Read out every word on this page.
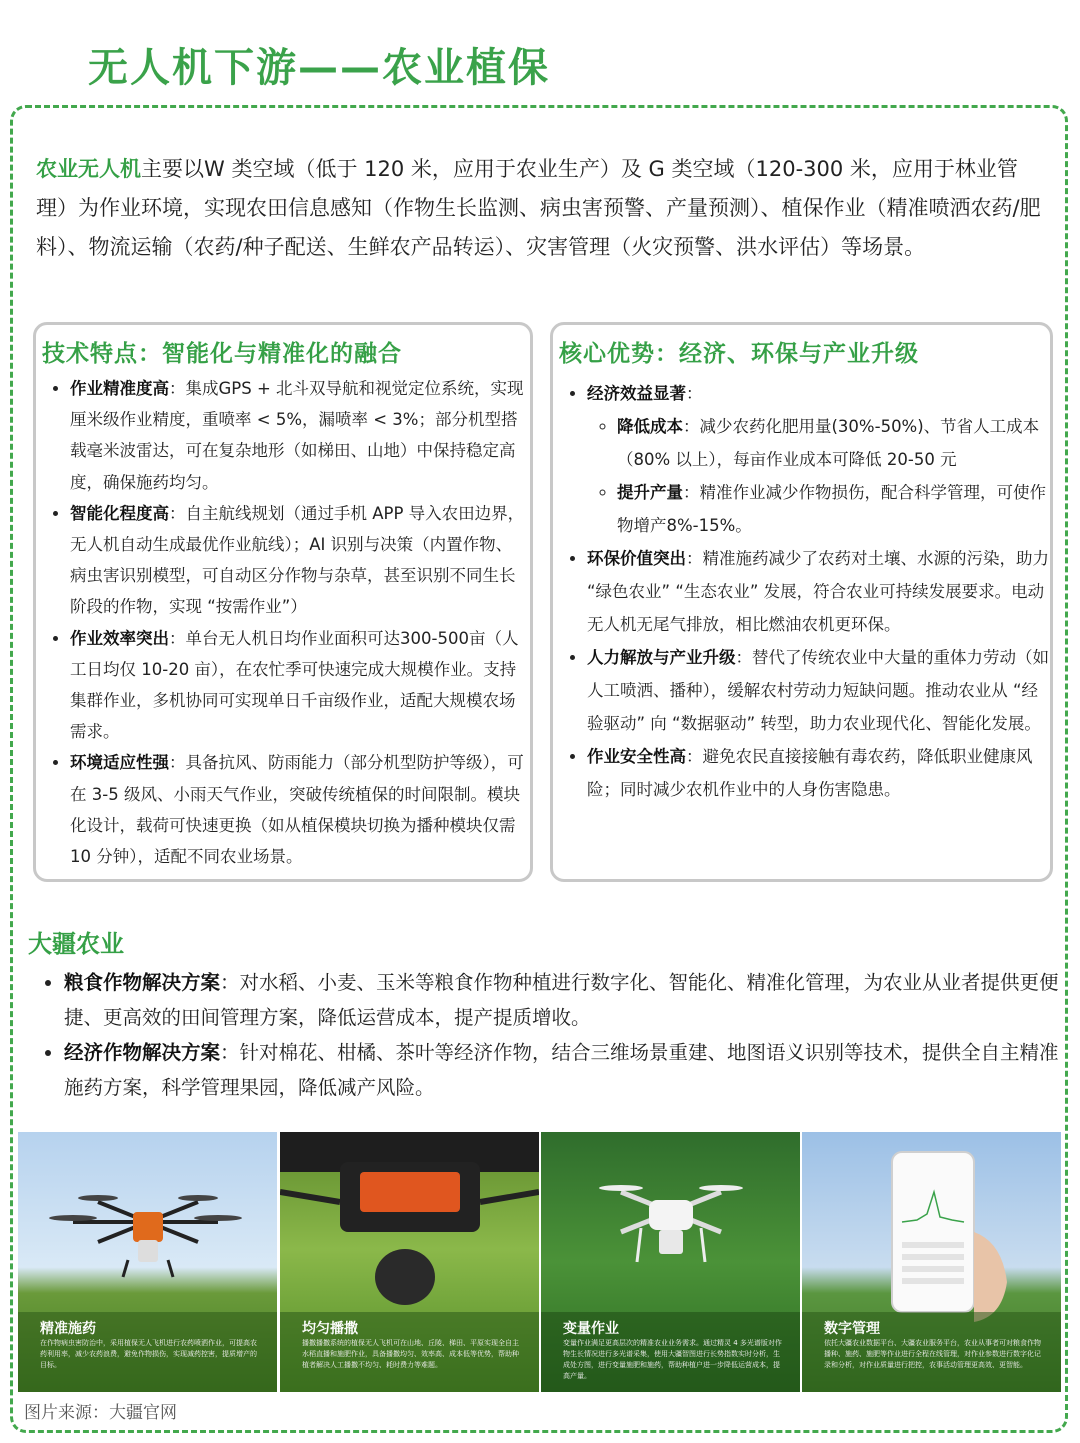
无人机下游——农业植保
农业无人机主要以W 类空域（低于 120 米，应用于农业生产）及 G 类空域（120-300 米，应用于林业管理）为作业环境，实现农田信息感知（作物生长监测、病虫害预警、产量预测）、植保作业（精准喷洒农药/肥料）、物流运输（农药/种子配送、生鲜农产品转运）、灾害管理（火灾预警、洪水评估）等场景。
技术特点：智能化与精准化的融合
• 作业精准度高：集成GPS + 北斗双导航和视觉定位系统，实现厘米级作业精度，重喷率 < 5%，漏喷率 < 3%；部分机型搭载毫米波雷达，可在复杂地形（如梯田、山地）中保持稳定高度，确保施药均匀。
• 智能化程度高：自主航线规划（通过手机 APP 导入农田边界，无人机自动生成最优作业航线）；AI 识别与决策（内置作物、病虫害识别模型，可自动区分作物与杂草，甚至识别不同生长阶段的作物，实现 “按需作业”）
• 作业效率突出：单台无人机日均作业面积可达300-500亩（人工日均仅 10-20 亩），在农忙季可快速完成大规模作业。支持集群作业，多机协同可实现单日千亩级作业，适配大规模农场需求。
• 环境适应性强：具备抗风、防雨能力（部分机型防护等级），可在 3-5 级风、小雨天气作业，突破传统植保的时间限制。模块化设计，载荷可快速更换（如从植保模块切换为播种模块仅需 10 分钟），适配不同农业场景。
核心优势：经济、环保与产业升级
• 经济效益显著：
◦ 降低成本：减少农药化肥用量(30%-50%)、节省人工成本（80% 以上），每亩作业成本可降低 20-50 元
◦ 提升产量：精准作业减少作物损伤，配合科学管理，可使作物增产8%-15%。
• 环保价值突出：精准施药减少了农药对土壤、水源的污染，助力 “绿色农业” “生态农业” 发展，符合农业可持续发展要求。电动无人机无尾气排放，相比燃油农机更环保。
• 人力解放与产业升级：替代了传统农业中大量的重体力劳动（如人工喷洒、播种），缓解农村劳动力短缺问题。推动农业从 “经验驱动” 向 “数据驱动” 转型，助力农业现代化、智能化发展。
• 作业安全性高：避免农民直接接触有毒农药，降低职业健康风险；同时减少农机作业中的人身伤害隐患。
大疆农业
• 粮食作物解决方案：对水稻、小麦、玉米等粮食作物种植进行数字化、智能化、精准化管理，为农业从业者提供更便捷、更高效的田间管理方案，降低运营成本，提产提质增收。
• 经济作物解决方案：针对棉花、柑橘、茶叶等经济作物，结合三维场景重建、地图语义识别等技术，提供全自主精准施药方案，科学管理果园，降低减产风险。
精准施药
在作物病虫害防治中，采用植保无人飞机进行农药喷洒作业，可提高农药利用率，减少农药浪费，避免作物损伤，实现减药控害，提质增产的目标。
均匀播撒
播撒播撒系统的植保无人飞机可在山地、丘陵、梯田、平原实现全自主水稻直播和施肥作业，具备播撒均匀、效率高、成本低等优势，帮助种植者解决人工播撒不均匀、耗时费力等难题。
变量作业
变量作业满足更高层次的精准农业业务需求。通过精灵 4 多光谱版对作物生长情况进行多光谱采集，使用大疆智图进行长势指数实时分析，生成处方图，进行变量施肥和施药，帮助种植户进一步降低运营成本，提高产量。
数字管理
依托大疆农业数据平台、大疆农业服务平台，农业从事者可对粮食作物播种、施药、施肥等作业进行全程在线管理，对作业参数进行数字化记录和分析，对作业质量进行把控，农事活动管理更高效、更智能。
图片来源：大疆官网
